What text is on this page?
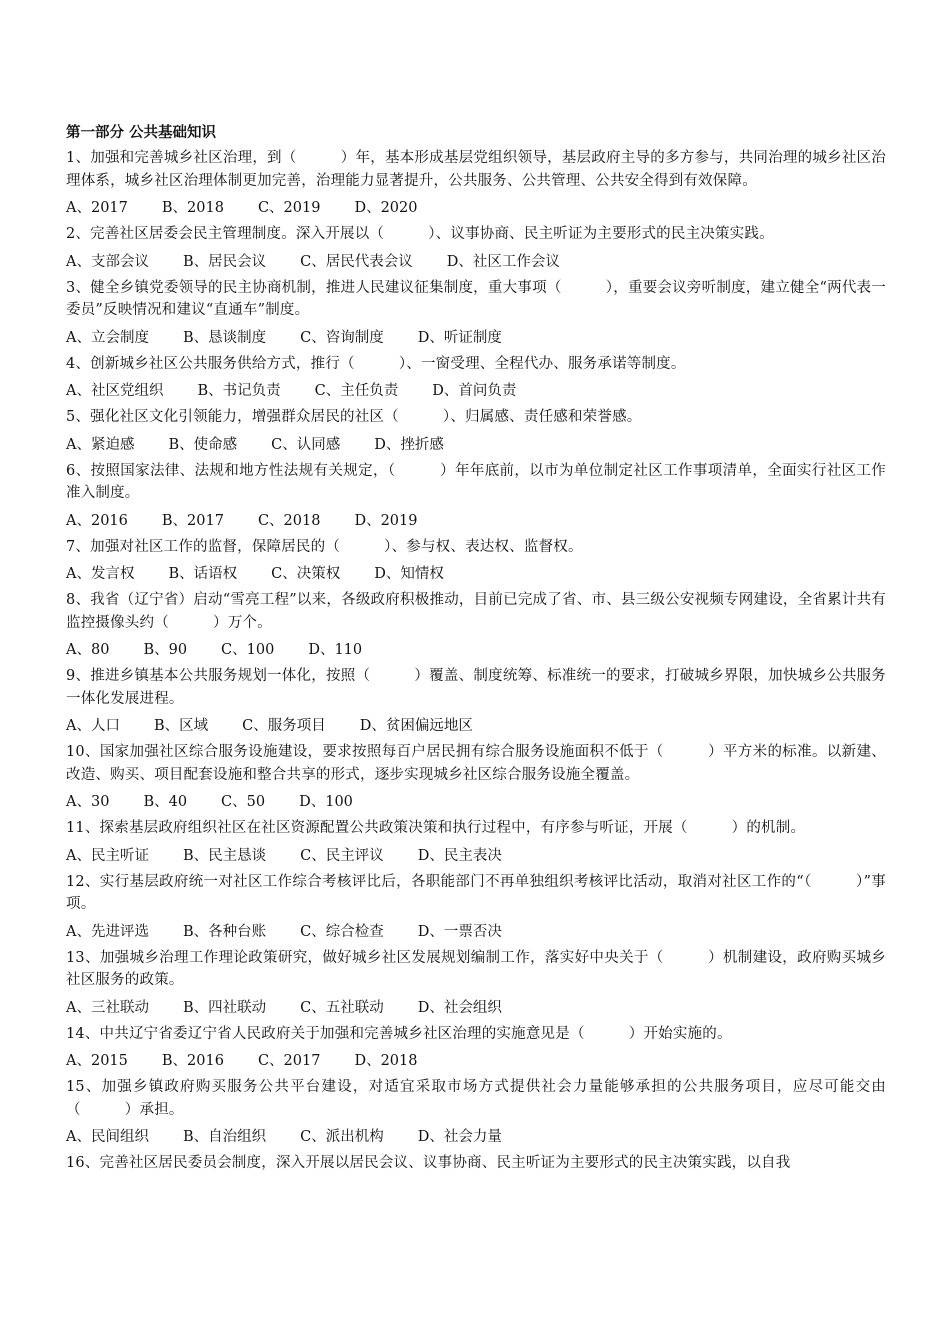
第一部分 公共基础知识

1、加强和完善城乡社区治理，到（　　　）年，基本形成基层党组织领导，基层政府主导的多方参与，共同治理的城乡社区治理体系，城乡社区治理体制更加完善，治理能力显著提升，公共服务、公共管理、公共安全得到有效保障。

A、2017 B、2018 C、2019 D、2020

2、完善社区居委会民主管理制度。深入开展以（　　　）、议事协商、民主听证为主要形式的民主决策实践。

A、支部会议 B、居民会议 C、居民代表会议 D、社区工作会议

3、健全乡镇党委领导的民主协商机制，推进人民建议征集制度，重大事项（　　　），重要会议旁听制度，建立健全“两代表一委员”反映情况和建议“直通车”制度。

A、立会制度 B、恳谈制度 C、咨询制度 D、听证制度

4、创新城乡社区公共服务供给方式，推行（　　　）、一窗受理、全程代办、服务承诺等制度。

A、社区党组织 B、书记负责 C、主任负责 D、首问负责

5、强化社区文化引领能力，增强群众居民的社区（　　　）、归属感、责任感和荣誉感。

A、紧迫感 B、使命感 C、认同感 D、挫折感

6、按照国家法律、法规和地方性法规有关规定，（　　　）年年底前，以市为单位制定社区工作事项清单，全面实行社区工作准入制度。

A、2016 B、2017 C、2018 D、2019

7、加强对社区工作的监督，保障居民的（　　　）、参与权、表达权、监督权。

A、发言权 B、话语权 C、决策权 D、知情权

8、我省（辽宁省）启动“雪亮工程”以来，各级政府积极推动，目前已完成了省、市、县三级公安视频专网建设，全省累计共有监控摄像头约（　　　）万个。

A、80 B、90 C、100 D、110

9、推进乡镇基本公共服务规划一体化，按照（　　　）覆盖、制度统筹、标准统一的要求，打破城乡界限，加快城乡公共服务一体化发展进程。

A、人口 B、区域 C、服务项目 D、贫困偏远地区

10、国家加强社区综合服务设施建设，要求按照每百户居民拥有综合服务设施面积不低于（　　　）平方米的标准。以新建、改造、购买、项目配套设施和整合共享的形式，逐步实现城乡社区综合服务设施全覆盖。

A、30 B、40 C、50 D、100

11、探索基层政府组织社区在社区资源配置公共政策决策和执行过程中，有序参与听证，开展（　　　）的机制。

A、民主听证 B、民主恳谈 C、民主评议 D、民主表决

12、实行基层政府统一对社区工作综合考核评比后，各职能部门不再单独组织考核评比活动，取消对社区工作的“（　　　）”事项。

A、先进评选 B、各种台账 C、综合检查 D、一票否决

13、加强城乡治理工作理论政策研究，做好城乡社区发展规划编制工作，落实好中央关于（　　　）机制建设，政府购买城乡社区服务的政策。

A、三社联动 B、四社联动 C、五社联动 D、社会组织

14、中共辽宁省委辽宁省人民政府关于加强和完善城乡社区治理的实施意见是（　　　）开始实施的。

A、2015 B、2016 C、2017 D、2018

15、加强乡镇政府购买服务公共平台建设，对适宜采取市场方式提供社会力量能够承担的公共服务项目，应尽可能交由（　　　）承担。

A、民间组织 B、自治组织 C、派出机构 D、社会力量

16、完善社区居民委员会制度，深入开展以居民会议、议事协商、民主听证为主要形式的民主决策实践，以自我
